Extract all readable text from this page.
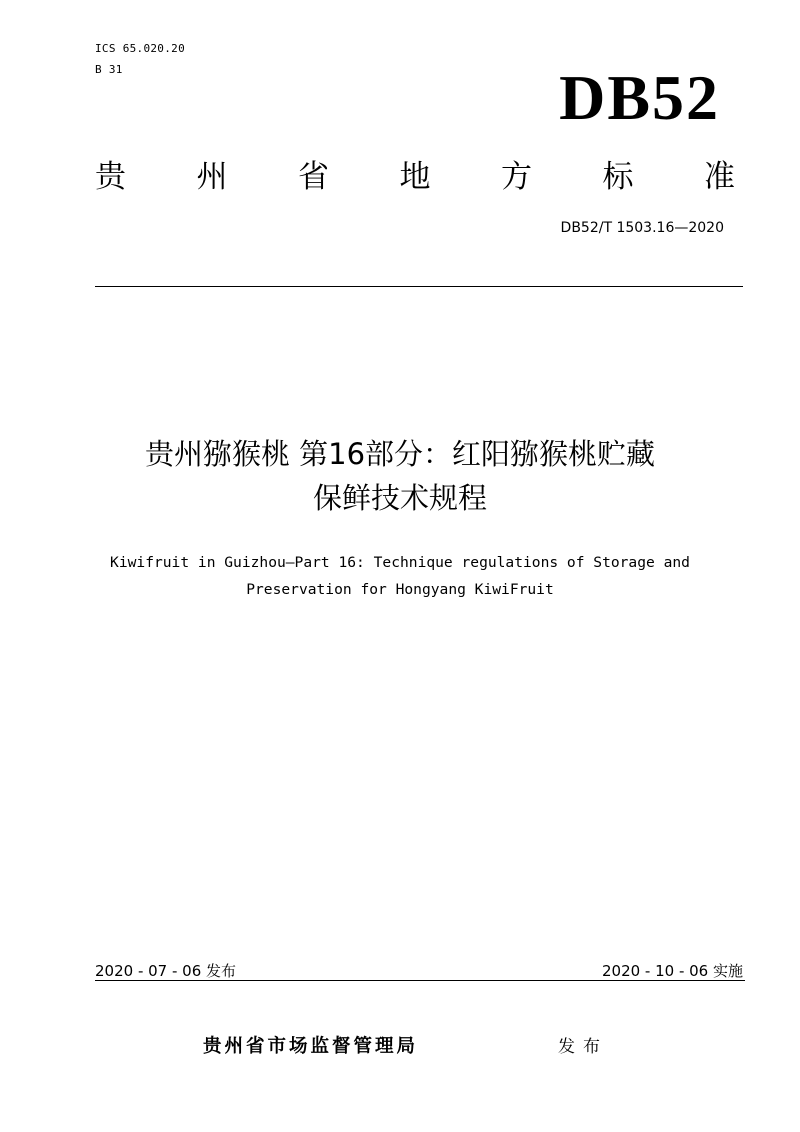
ICS 65.020.20
B 31	DB52
贵 州 省 地 方 标 准
DB52/T 1503.16—2020
贵州猕猴桃 第16部分：红阳猕猴桃贮藏
保鲜技术规程
Kiwifruit in Guizhou—Part 16: Technique regulations of Storage and
Preservation for Hongyang KiwiFruit
2020 - 07 - 06 发布	2020 - 10 - 06 实施
贵州省市场监督管理局	发布
